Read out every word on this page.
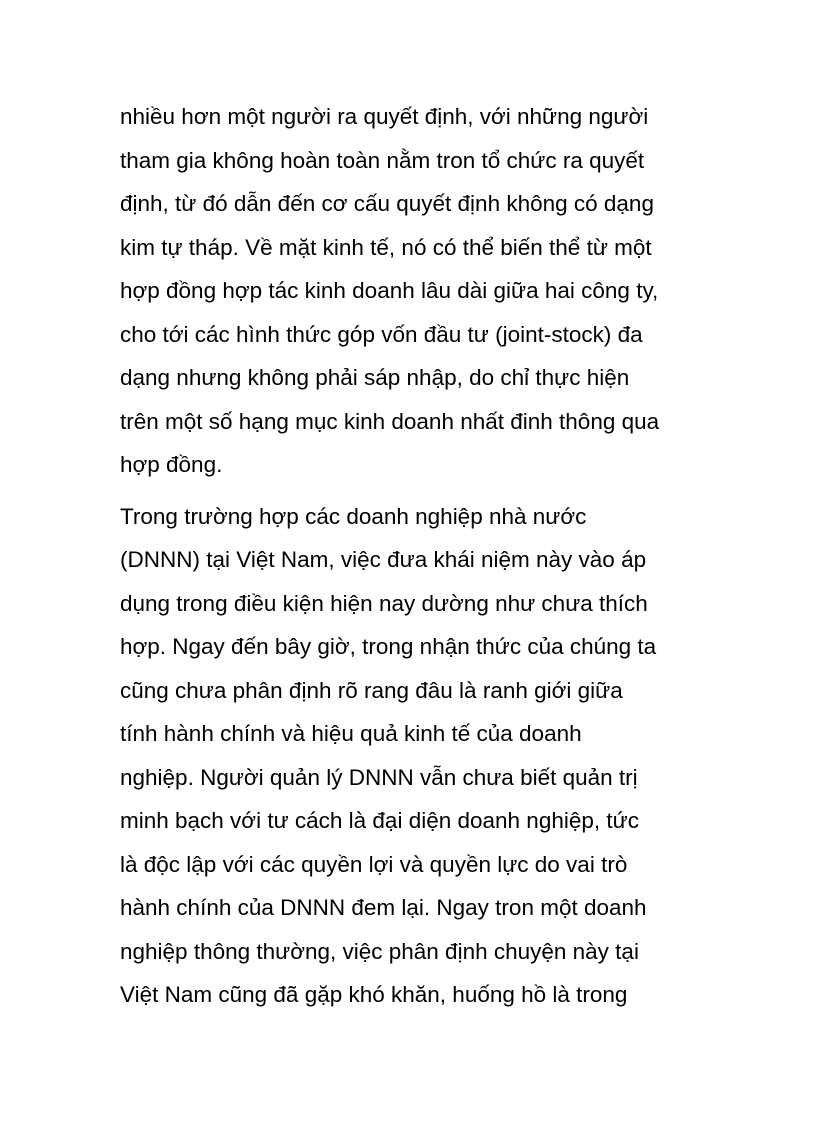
nhiều hơn một người ra quyết định, với những người
tham gia không hoàn toàn nằm tron tổ chức ra quyết
định, từ đó dẫn đến cơ cấu quyết định không có dạng
kim tự tháp. Về mặt kinh tế, nó có thể biến thể từ một
hợp đồng hợp tác kinh doanh lâu dài giữa hai công ty,
cho tới các hình thức góp vốn đầu tư (joint-stock) đa
dạng nhưng không phải sáp nhập, do chỉ thực hiện
trên một số hạng mục kinh doanh nhất đinh thông qua
hợp đồng.
Trong trường hợp các doanh nghiệp nhà nước
(DNNN) tại Việt Nam, việc đưa khái niệm này vào áp
dụng trong điều kiện hiện nay dường như chưa thích
hợp. Ngay đến bây giờ, trong nhận thức của chúng ta
cũng chưa phân định rõ rang đâu là ranh giới giữa
tính hành chính và hiệu quả kinh tế của doanh
nghiệp. Người quản lý DNNN vẫn chưa biết quản trị
minh bạch với tư cách là đại diện doanh nghiệp, tức
là độc lập với các quyền lợi và quyền lực do vai trò
hành chính của DNNN đem lại. Ngay tron một doanh
nghiệp thông thường, việc phân định chuyện này tại
Việt Nam cũng đã gặp khó khăn, huống hồ là trong
